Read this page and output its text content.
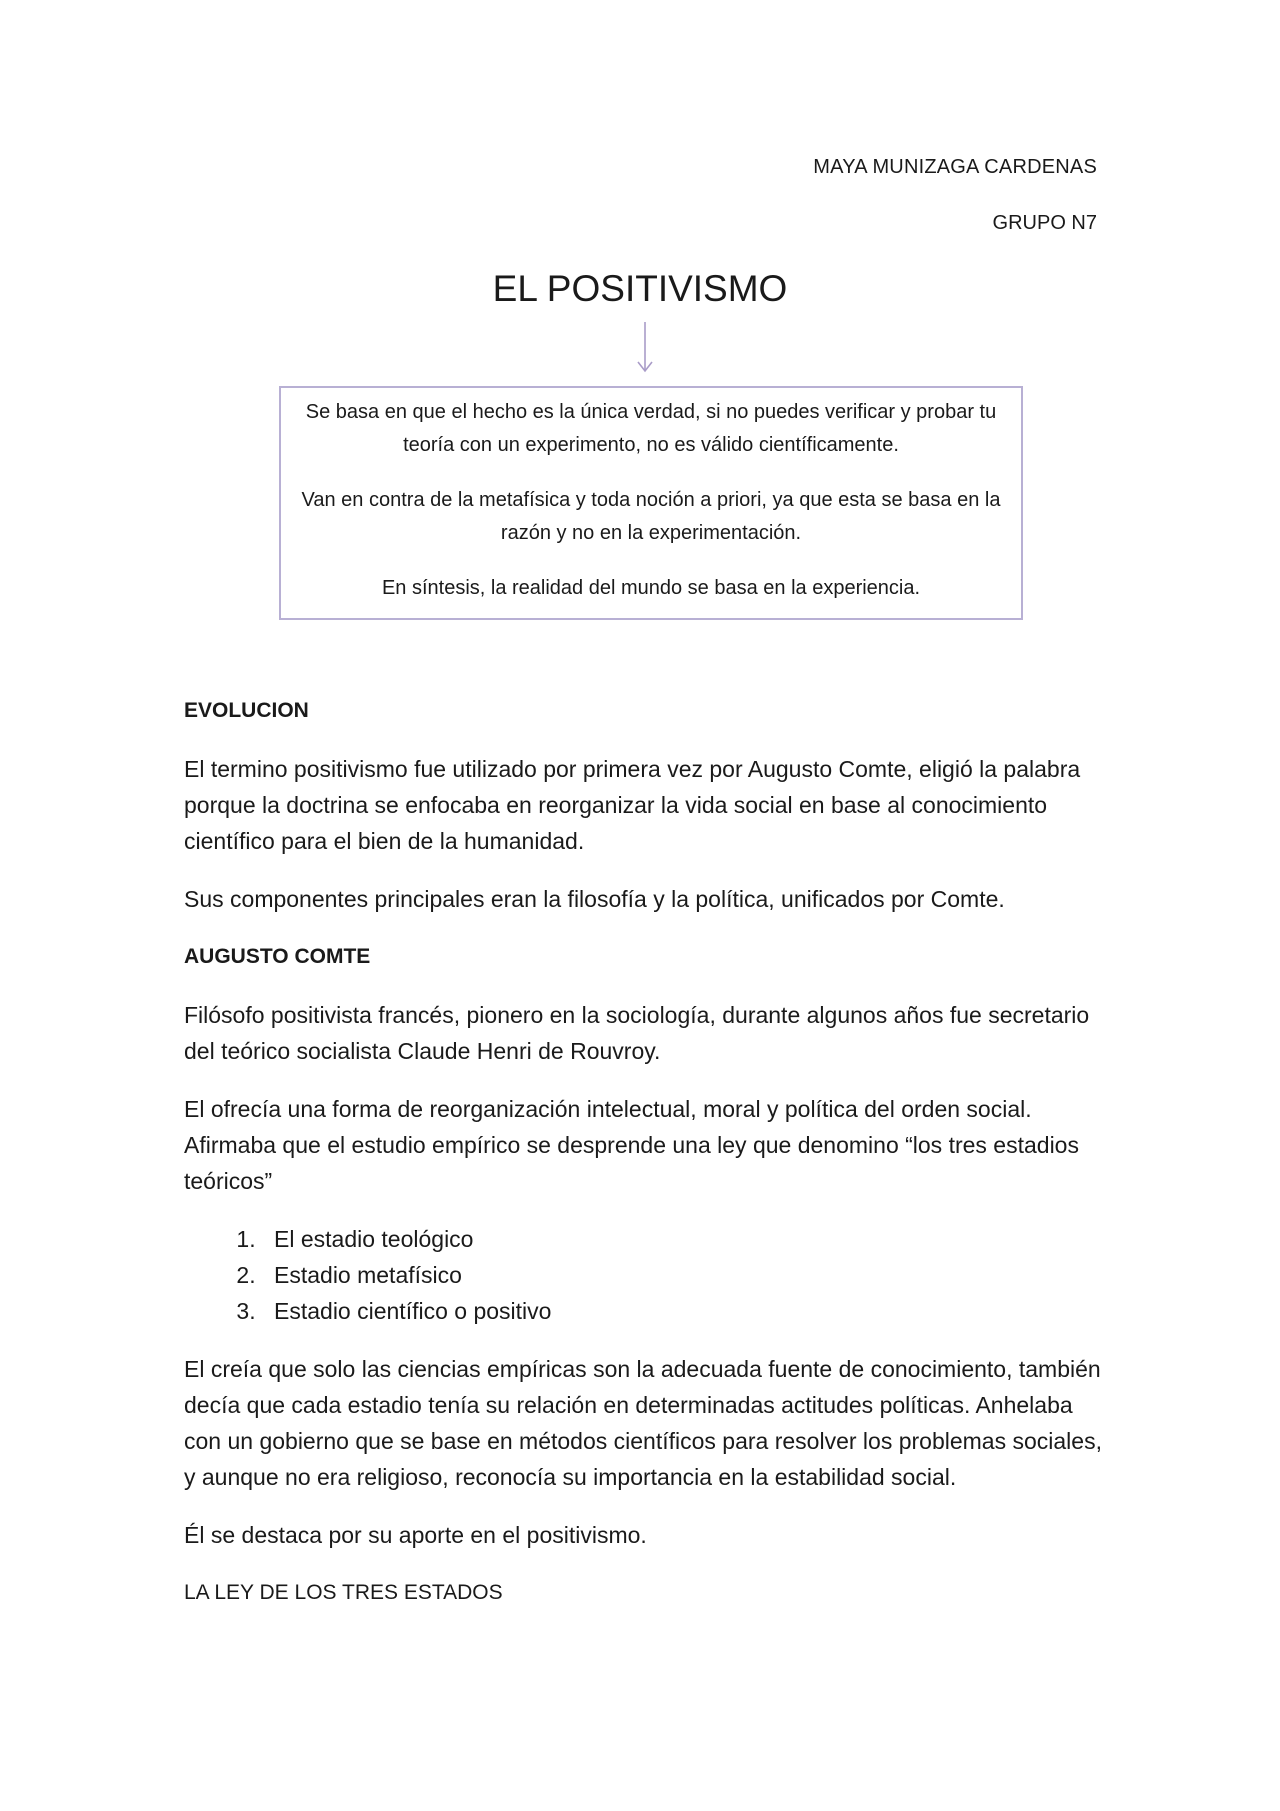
MAYA MUNIZAGA CARDENAS
GRUPO N7
EL POSITIVISMO

Se basa en que el hecho es la única verdad, si no puedes verificar y probar tu teoría con un experimento, no es válido científicamente.

Van en contra de la metafísica y toda noción a priori, ya que esta se basa en la razón y no en la experimentación.

En síntesis, la realidad del mundo se basa en la experiencia.

EVOLUCION

El termino positivismo fue utilizado por primera vez por Augusto Comte, eligió la palabra porque la doctrina se enfocaba en reorganizar la vida social en base al conocimiento científico para el bien de la humanidad.

Sus componentes principales eran la filosofía y la política, unificados por Comte.

AUGUSTO COMTE

Filósofo positivista francés, pionero en la sociología, durante algunos años fue secretario del teórico socialista Claude Henri de Rouvroy.

El ofrecía una forma de reorganización intelectual, moral y política del orden social. Afirmaba que el estudio empírico se desprende una ley que denomino “los tres estadios teóricos”

1. El estadio teológico
2. Estadio metafísico
3. Estadio científico o positivo

El creía que solo las ciencias empíricas son la adecuada fuente de conocimiento, también decía que cada estadio tenía su relación en determinadas actitudes políticas. Anhelaba con un gobierno que se base en métodos científicos para resolver los problemas sociales, y aunque no era religioso, reconocía su importancia en la estabilidad social.

Él se destaca por su aporte en el positivismo.

LA LEY DE LOS TRES ESTADOS
